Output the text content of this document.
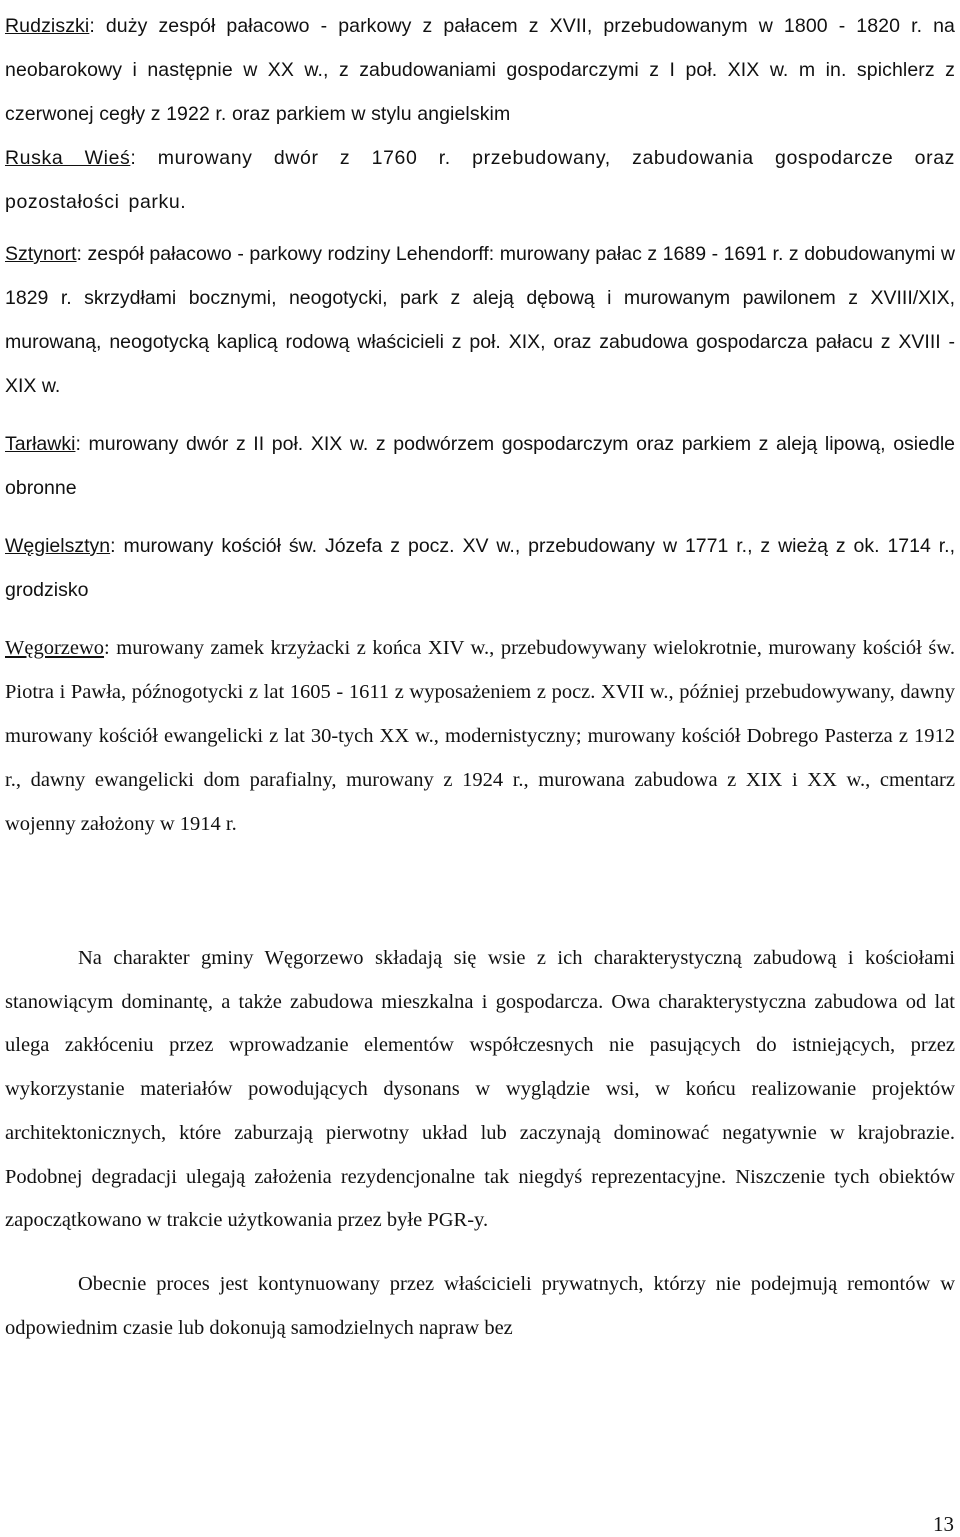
Rudziszki: duży zespół pałacowo - parkowy z pałacem z XVII, przebudowanym w 1800 - 1820 r. na neobarokowy i następnie w XX w., z zabudowaniami gospodarczymi z I poł. XIX w. m in. spichlerz z czerwonej cegły z 1922 r. oraz parkiem w stylu angielskim

Ruska Wieś: murowany dwór z 1760 r. przebudowany, zabudowania gospodarcze oraz pozostałości parku.

Sztynort: zespół pałacowo - parkowy rodziny Lehendorff: murowany pałac z 1689 - 1691 r. z dobudowanymi w 1829 r. skrzydłami bocznymi, neogotycki, park z aleją dębową i murowanym pawilonem z XVIII/XIX, murowaną, neogotycką kaplicą rodową właścicieli z poł. XIX, oraz zabudowa gospodarcza pałacu z XVIII - XIX w.

Tarławki: murowany dwór z II poł. XIX w. z podwórzem gospodarczym oraz parkiem z aleją lipową, osiedle obronne

Węgielsztyn: murowany kościół św. Józefa z pocz. XV w., przebudowany w 1771 r., z wieżą z ok. 1714 r., grodzisko

Węgorzewo: murowany zamek krzyżacki z końca XIV w., przebudowywany wielokrotnie, murowany kościół św. Piotra i Pawła, późnogotycki z lat 1605 - 1611 z wyposażeniem z pocz. XVII w., później przebudowywany, dawny murowany kościół ewangelicki z lat 30-tych XX w., modernistyczny; murowany kościół Dobrego Pasterza z 1912 r., dawny ewangelicki dom parafialny, murowany z 1924 r., murowana zabudowa z XIX i XX w., cmentarz wojenny założony w 1914 r.

Na charakter gminy Węgorzewo składają się wsie z ich charakterystyczną zabudową i kościołami stanowiącym dominantę, a także zabudowa mieszkalna i gospodarcza. Owa charakterystyczna zabudowa od lat ulega zakłóceniu przez wprowadzanie elementów współczesnych nie pasujących do istniejących, przez wykorzystanie materiałów powodujących dysonans w wyglądzie wsi, w końcu realizowanie projektów architektonicznych, które zaburzają pierwotny układ lub zaczynają dominować negatywnie w krajobrazie. Podobnej degradacji ulegają założenia rezydencjonalne tak niegdyś reprezentacyjne. Niszczenie tych obiektów zapoczątkowano w trakcie użytkowania przez byłe PGR-y.

Obecnie proces jest kontynuowany przez właścicieli prywatnych, którzy nie podejmują remontów w odpowiednim czasie lub dokonują samodzielnych napraw bez

13
